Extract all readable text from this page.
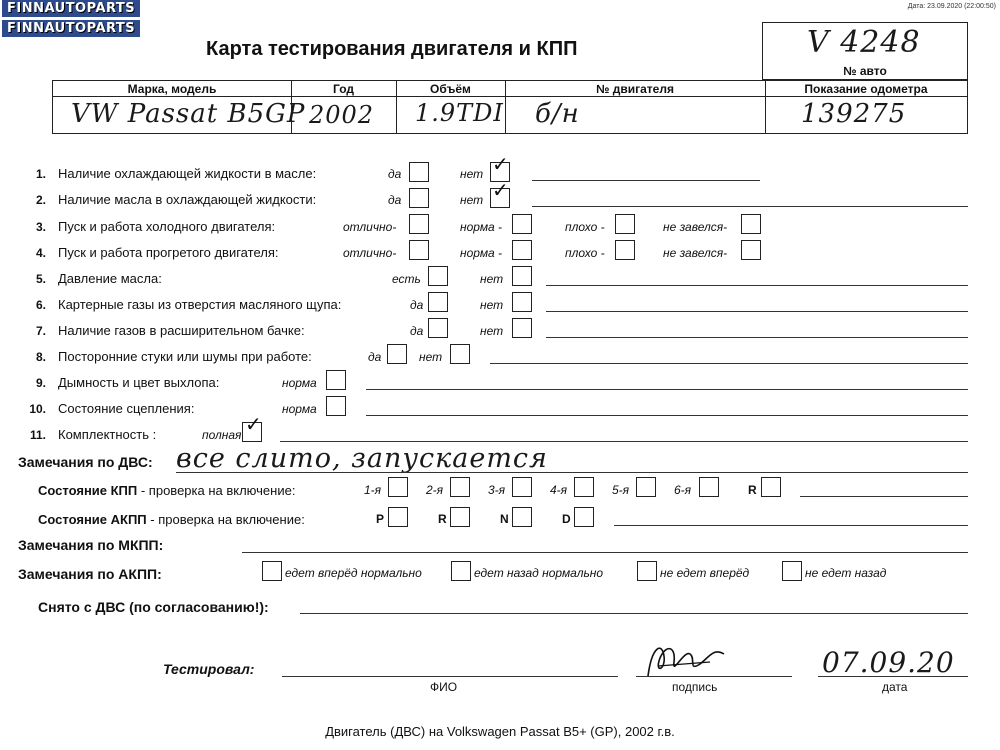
FINNAUTOPARTS
FINNAUTOPARTS
Дата: 23.09.2020 (22:00:50)
Карта тестирования двигателя и КПП	V 4248
№ авто
Марка, модель	Год	Объём	№ двигателя	Показание одометра
VW Passat B5GP 2002 1.9TDI б/н	139275
1. Наличие охлаждающей жидкости в масле:	да	нет ✓
2. Наличие масла в охлаждающей жидкости:	да	нет ✓
3. Пуск и работа холодного двигателя:	отлично-	норма -	плохо -	не завелся-
4. Пуск и работа прогретого двигателя:	отлично-	норма -	плохо -	не завелся-
5. Давление масла:	есть	нет
6. Картерные газы из отверстия масляного щупа:	да	нет
7. Наличие газов в расширительном бачке:	да	нет
8. Посторонние стуки или шумы при работе:	да	нет
9. Дымность и цвет выхлопа:	норма
10. Состояние сцепления:	норма
11. Комплектность :	полная ✓
Замечания по ДВС: все слито, запускается
Состояние КПП - проверка на включение:	1-я	2-я	3-я	4-я	5-я	6-я	R
Состояние АКПП - проверка на включение:	P	R	N	D
Замечания по МКПП:
Замечания по АКПП:	едет вперёд нормально	едет назад нормально	не едет вперёд	не едет назад
Снято с ДВС (по согласованию!):
Тестировал:
ФИО	подпись
07.09.20
дата
Двигатель (ДВС) на Volkswagen Passat B5+ (GP), 2002 г.в.
